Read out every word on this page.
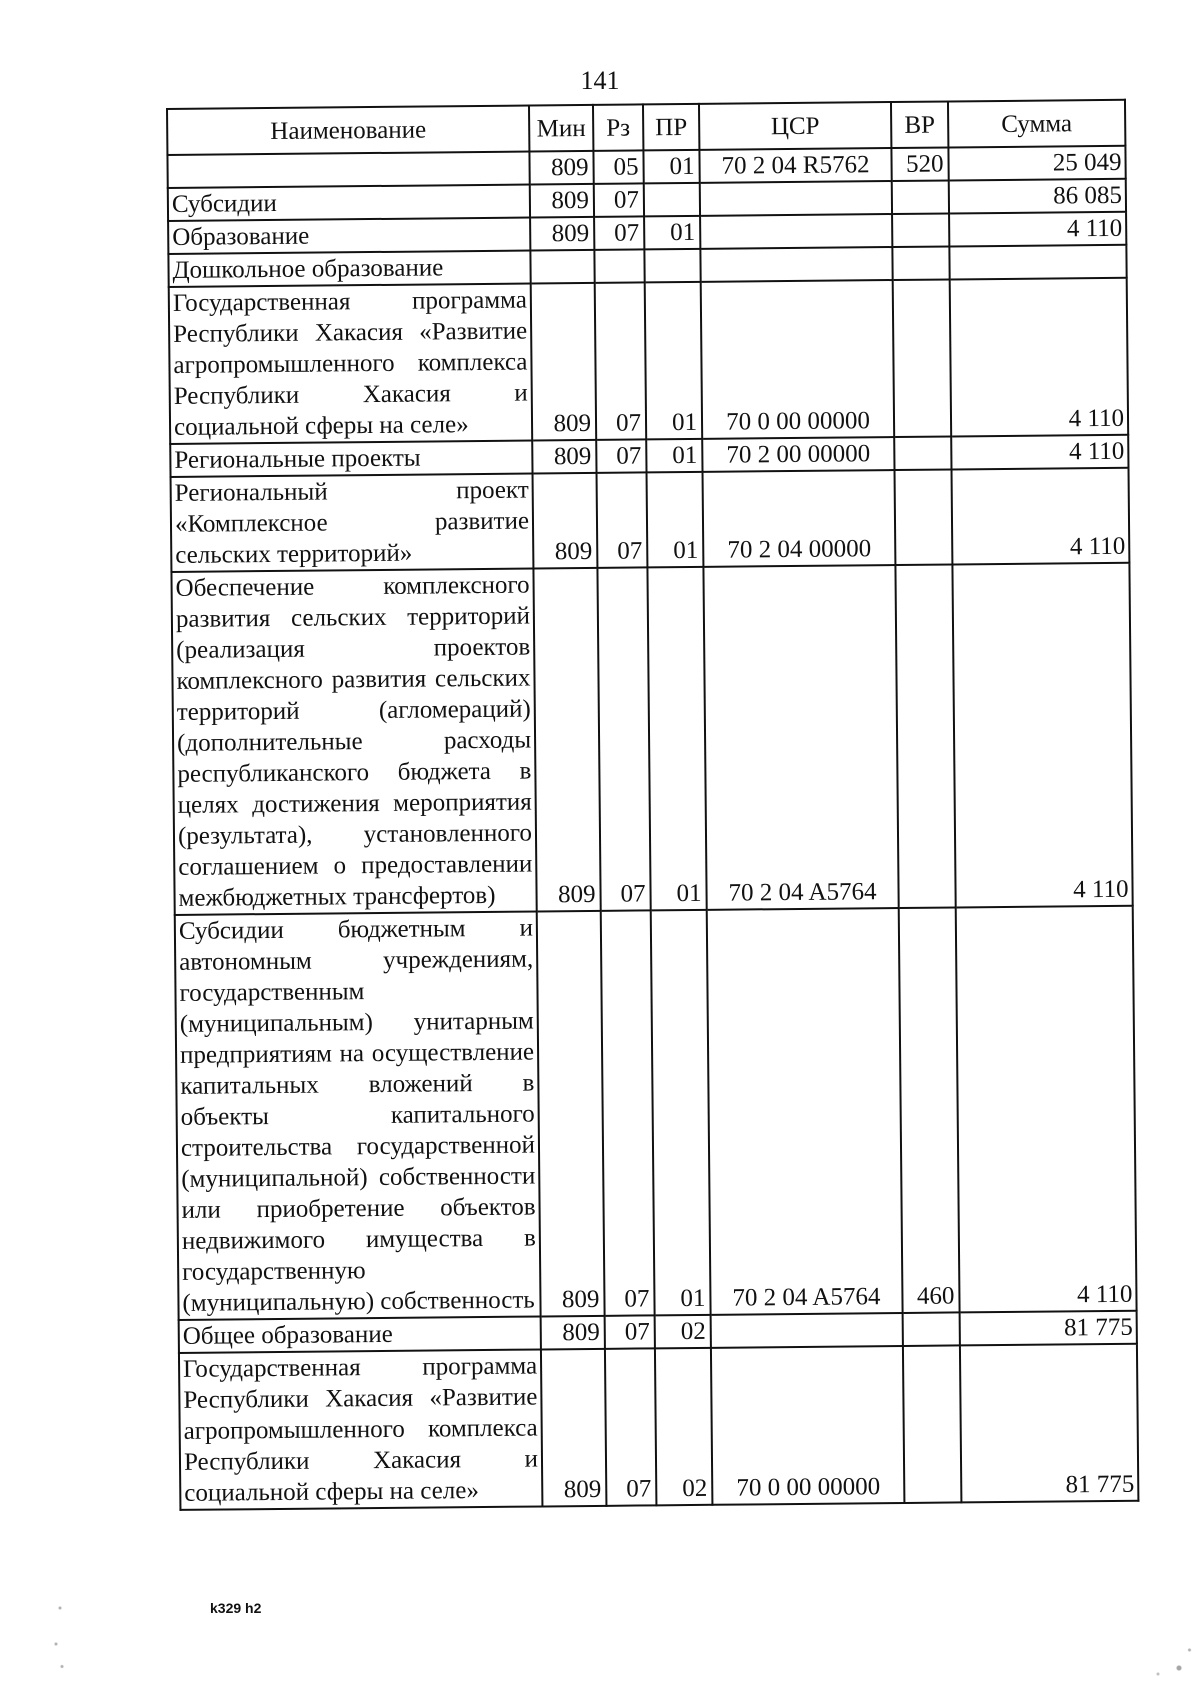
141
Наименование	Мин	Рз	ПР	ЦСР	ВР	Сумма
	809	05	01	70 2 04 R5762	520	25 049
Субсидии	809	07				86 085
Образование	809	07	01			4 110
Дошкольное образование						
Государственная программа Республики Хакасия «Развитие агропромышленного комплекса Республики Хакасия и социальной сферы на селе»	809	07	01	70 0 00 00000		4 110
Региональные проекты	809	07	01	70 2 00 00000		4 110
Региональный проект «Комплексное развитие сельских территорий»	809	07	01	70 2 04 00000		4 110
Обеспечение комплексного развития сельских территорий (реализация проектов комплексного развития сельских территорий (агломераций) (дополнительные расходы республиканского бюджета в целях достижения мероприятия (результата), установленного соглашением о предоставлении межбюджетных трансфертов)	809	07	01	70 2 04 A5764		4 110
Субсидии бюджетным и автономным учреждениям, государственным (муниципальным) унитарным предприятиям на осуществление капитальных вложений в объекты капитального строительства государственной (муниципальной) собственности или приобретение объектов недвижимого имущества в государственную (муниципальную) собственность	809	07	01	70 2 04 A5764	460	4 110
Общее образование	809	07	02			81 775
Государственная программа Республики Хакасия «Развитие агропромышленного комплекса Республики Хакасия и социальной сферы на селе»	809	07	02	70 0 00 00000		81 775
k329 h2
